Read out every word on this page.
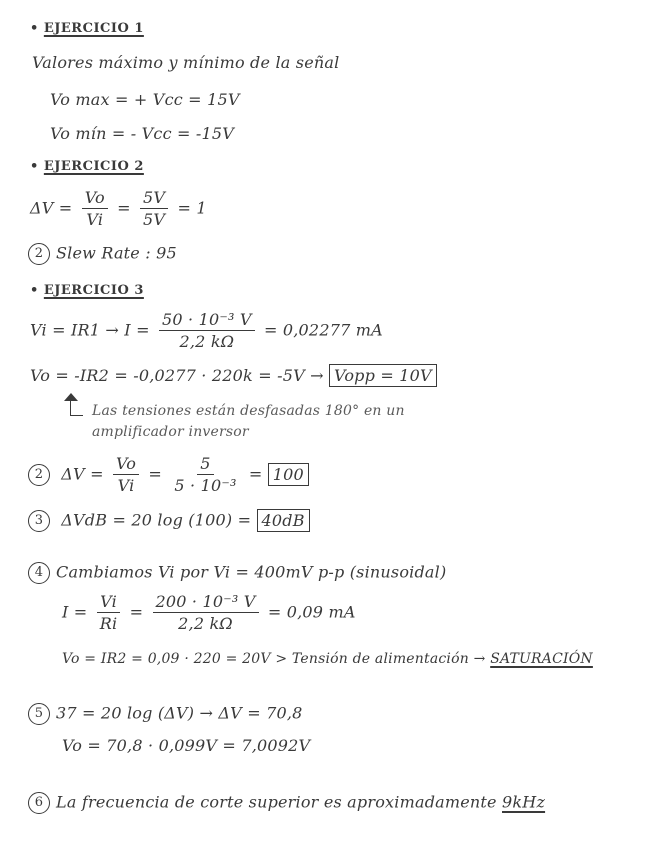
• EJERCICIO 1
Valores máximo y mínimo de la señal
Vo max = + Vcc = 15V
Vo mín = - Vcc = -15V
• EJERCICIO 2
$\Delta V = \frac{Vo}{Vi} = \frac{5V}{5V} = 1$
2 Slew Rate : 95
• EJERCICIO 3
$Vi = IR1 \to I = \frac{\text{50 · 10⁻³ V}}{2,2 k\Omega} = 0,02277$ mA
Vo = -IR2 = -0,0277 · 220k = -5V → Vopp = 10V
Las tensiones están desfasadas 180° en un
amplificador inversor
2 $\Delta V = \frac{Vo}{Vi} = \frac{5}{\text{5 · 10⁻³}} = 100$
3 ΔVdB = 20 log (100) = 40dB
4 Cambiamos Vi por Vi = 400mV p-p (sinusoidal)
$I = \frac{Vi}{Ri} = \frac{\text{200 · 10⁻³ V}}{2,2 k\Omega} = 0,09$ mA
Vo = IR2 = 0,09 · 220 = 20V > Tensión de alimentación → SATURACIÓN
5 37 = 20 log (ΔV) → ΔV = 70,8
Vo = 70,8 · 0,099V = 7,0092V
6 La frecuencia de corte superior es aproximadamente 9kHz
